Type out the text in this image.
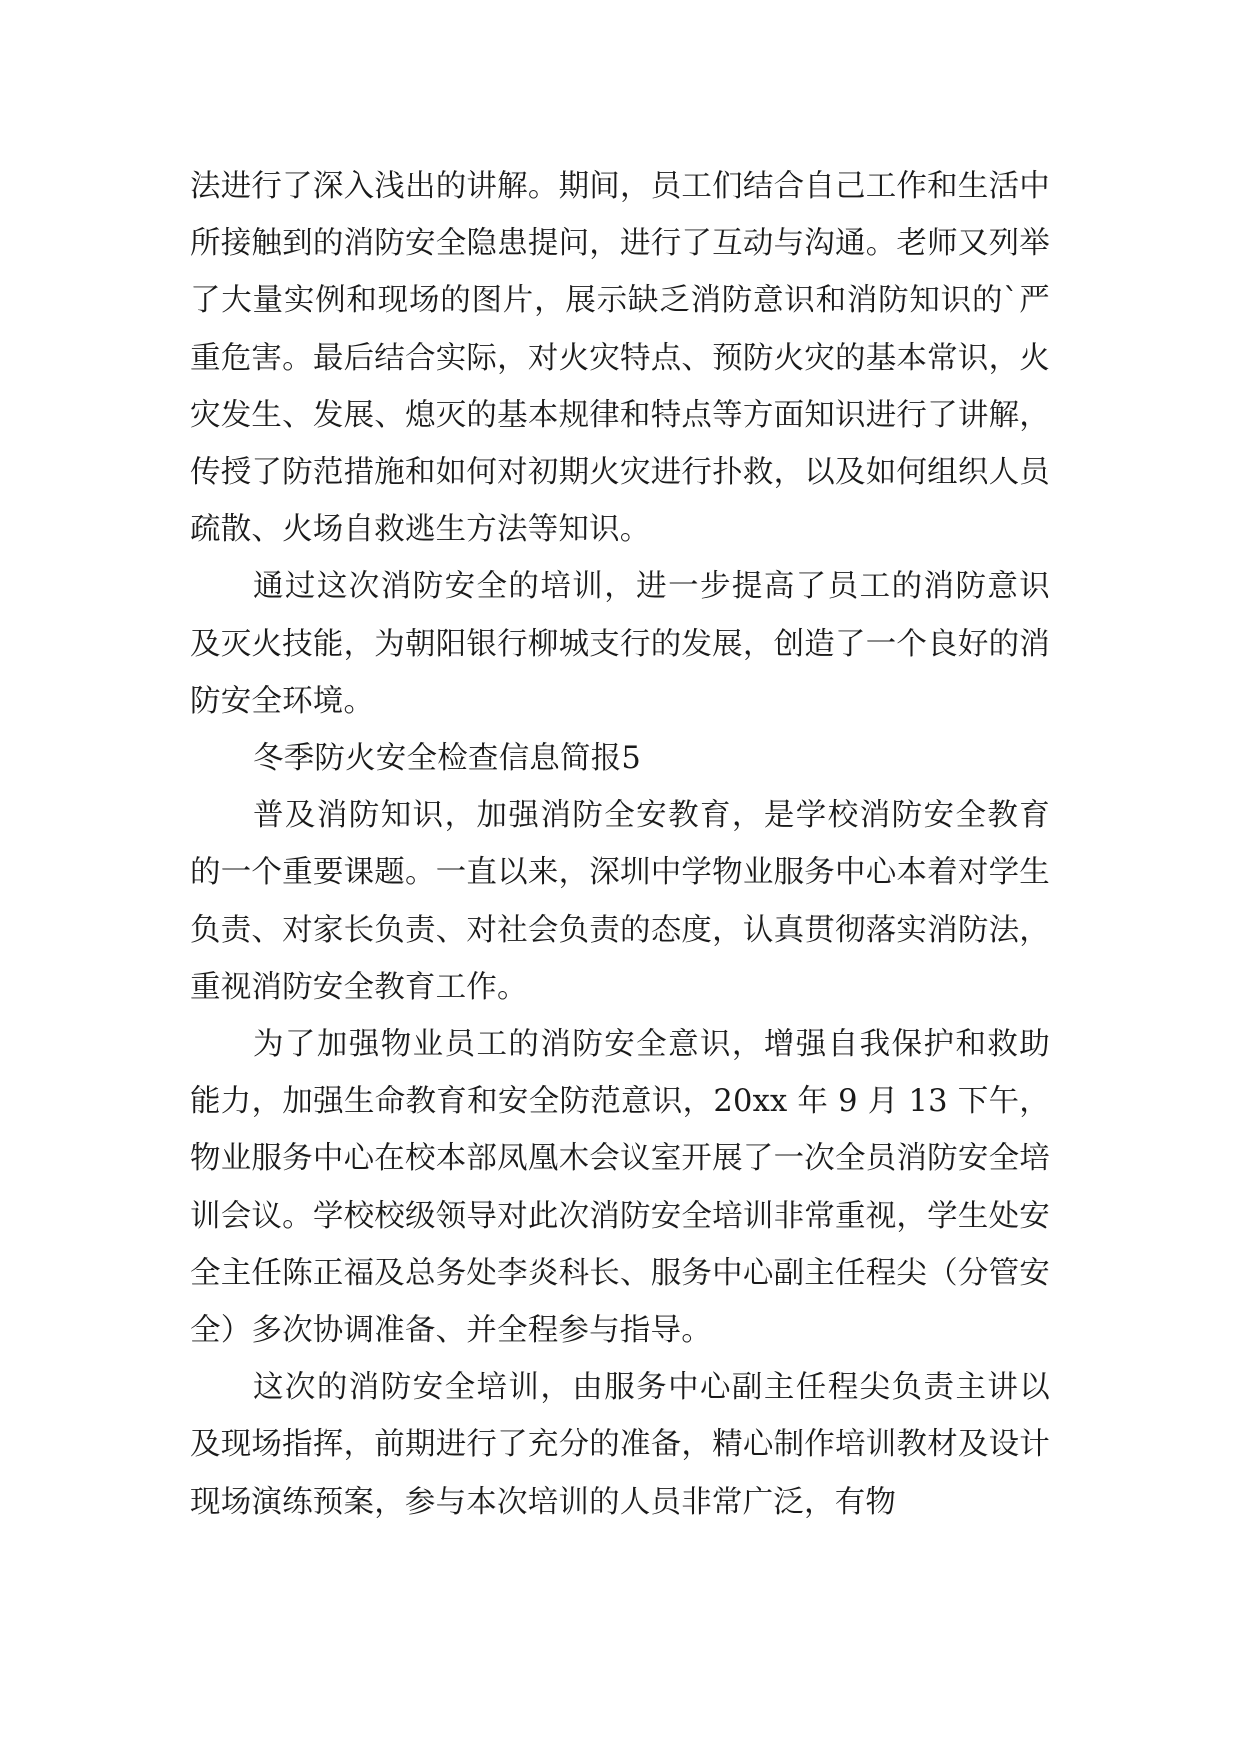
法进行了深入浅出的讲解。期间，员工们结合自己工作和生活中所接触到的消防安全隐患提问，进行了互动与沟通。老师又列举了大量实例和现场的图片，展示缺乏消防意识和消防知识的`严重危害。最后结合实际，对火灾特点、预防火灾的基本常识，火灾发生、发展、熄灭的基本规律和特点等方面知识进行了讲解，传授了防范措施和如何对初期火灾进行扑救，以及如何组织人员疏散、火场自救逃生方法等知识。

通过这次消防安全的培训，进一步提高了员工的消防意识及灭火技能，为朝阳银行柳城支行的发展，创造了一个良好的消防安全环境。

冬季防火安全检查信息简报5

普及消防知识，加强消防全安教育，是学校消防安全教育的一个重要课题。一直以来，深圳中学物业服务中心本着对学生负责、对家长负责、对社会负责的态度，认真贯彻落实消防法，重视消防安全教育工作。

为了加强物业员工的消防安全意识，增强自我保护和救助能力，加强生命教育和安全防范意识，20xx 年 9 月 13 下午，物业服务中心在校本部凤凰木会议室开展了一次全员消防安全培训会议。学校校级领导对此次消防安全培训非常重视，学生处安全主任陈正福及总务处李炎科长、服务中心副主任程尖（分管安全）多次协调准备、并全程参与指导。

这次的消防安全培训，由服务中心副主任程尖负责主讲以及现场指挥，前期进行了充分的准备，精心制作培训教材及设计现场演练预案，参与本次培训的人员非常广泛，有物
